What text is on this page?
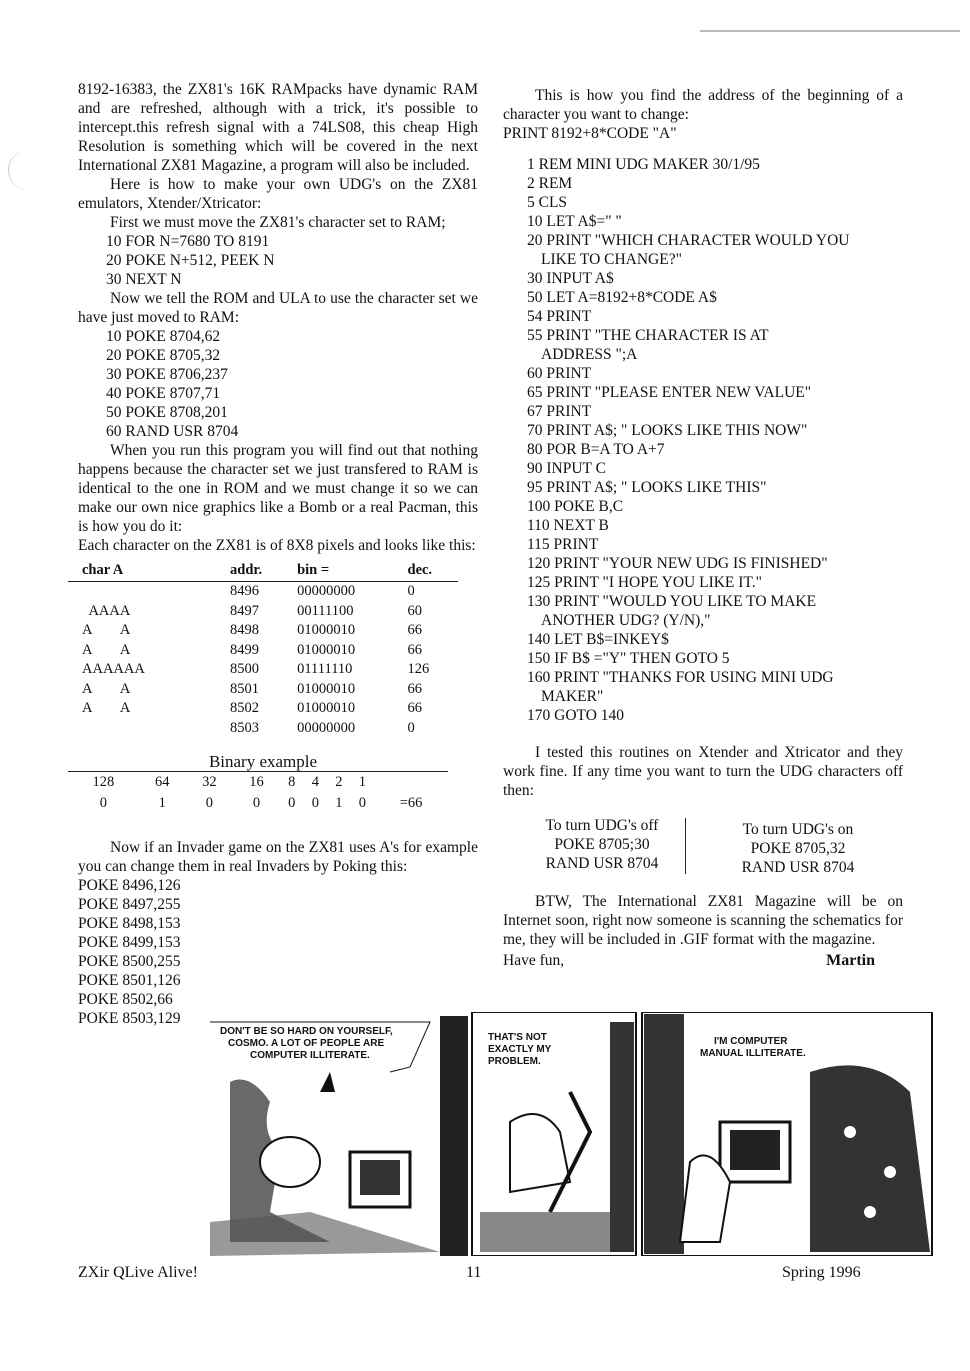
8192-16383, the ZX81's 16K RAMpacks have dynamic RAM and are refreshed, although with a trick, it's possible to intercept.this refresh signal with a 74LS08, this cheap High Resolution is something which will be covered in the next International ZX81 Magazine, a program will also be included.

Here is how to make your own UDG's on the ZX81 emulators, Xtender/Xtricator:

First we must move the ZX81's character set to RAM;

10 FOR N=7680 TO 8191
20 POKE N+512, PEEK N
30 NEXT N

Now we tell the ROM and ULA to use the character set we have just moved to RAM:

10 POKE 8704,62
20 POKE 8705,32
30 POKE 8706,237
40 POKE 8707,71
50 POKE 8708,201
60 RAND USR 8704

When you run this program you will find out that nothing happens because the character set we just transfered to RAM is identical to the one in ROM and we must change it so we can make our own nice graphics like a Bomb or a real Pacman, this is how you do it:

Each character on the ZX81 is of 8X8 pixels and looks like this:

char A	addr.	bin =	dec.
	8496	00000000	0
AAAA	8497	00111100	60
A        A	8498	01000010	66
A        A	8499	01000010	66
AAAAAA	8500	01111110	126
A        A	8501	01000010	66
A        A	8502	01000010	66
	8503	00000000	0
Binary example
128	64	32	16	8	4	2	1	
0	1	0	0	0	0	1	0	=66

Now if an Invader game on the ZX81 uses A's for example you can change them in real Invaders by Poking this:

POKE 8496,126
POKE 8497,255
POKE 8498,153
POKE 8499,153
POKE 8500,255
POKE 8501,126
POKE 8502,66
POKE 8503,129

This is how you find the address of the beginning of a character you want to change:

PRINT 8192+8*CODE "A"
1 REM MINI UDG MAKER 30/1/95
2 REM
5 CLS
10 LET A$=" "
20 PRINT "WHICH CHARACTER WOULD YOU
LIKE TO CHANGE?"
30 INPUT A$
50 LET A=8192+8*CODE A$
54 PRINT
55 PRINT "THE CHARACTER IS AT
ADDRESS ";A
60 PRINT
65 PRINT "PLEASE ENTER NEW VALUE"
67 PRINT
70 PRINT A$; " LOOKS LIKE THIS NOW"
80 POR B=A TO A+7
90 INPUT C
95 PRINT A$; " LOOKS LIKE THIS"
100 POKE B,C
110 NEXT B
115 PRINT
120 PRINT "YOUR NEW UDG IS FINISHED"
125 PRINT "I HOPE YOU LIKE IT."
130 PRINT "WOULD YOU LIKE TO MAKE
ANOTHER UDG? (Y/N),"
140 LET B$=INKEY$
150 IF B$ ="Y" THEN GOTO 5
160 PRINT "THANKS FOR USING MINI UDG
MAKER"
170 GOTO 140

I tested this routines on Xtender and Xtricator and they work fine. If any time you want to turn the UDG characters off then:

To turn UDG's off
POKE 8705;30
RAND USR 8704
To turn UDG's on
POKE 8705,32
RAND USR 8704

BTW, The International ZX81 Magazine will be on Internet soon, right now someone is scanning the schematics for me, they will be included in .GIF format with the magazine.

Have fun,	Martin
DON'T BE SO HARD ON YOURSELF, COSMO. A LOT OF PEOPLE ARE COMPUTER ILLITERATE.
THAT'S NOT EXACTLY MY PROBLEM.
I'M COMPUTER MANUAL ILLITERATE.
ZXir QLive Alive!	11	Spring 1996
